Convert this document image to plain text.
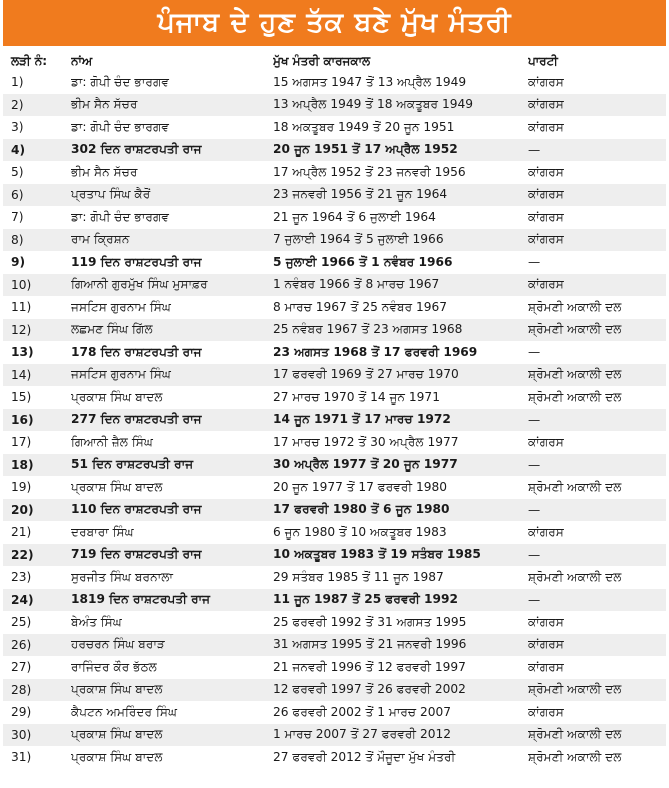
ਪੰਜਾਬ ਦੇ ਹੁਣ ਤੱਕ ਬਣੇ ਮੁੱਖ ਮੰਤਰੀ
ਲੜੀ ਨੰ:	ਨਾਂਅ	ਮੁੱਖ ਮੰਤਰੀ ਕਾਰਜਕਾਲ	ਪਾਰਟੀ
1)	ਡਾ: ਗੋਪੀ ਚੰਦ ਭਾਰਗਵ	15 ਅਗਸਤ 1947 ਤੋਂ 13 ਅਪ੍ਰੈਲ 1949	ਕਾਂਗਰਸ
2)	ਭੀਮ ਸੈਨ ਸੱਚਰ	13 ਅਪ੍ਰੈਲ 1949 ਤੋਂ 18 ਅਕਤੂਬਰ 1949	ਕਾਂਗਰਸ
3)	ਡਾ: ਗੋਪੀ ਚੰਦ ਭਾਰਗਵ	18 ਅਕਤੂਬਰ 1949 ਤੋਂ 20 ਜੂਨ 1951	ਕਾਂਗਰਸ
4)	302 ਦਿਨ ਰਾਸ਼ਟਰਪਤੀ ਰਾਜ	20 ਜੂਨ 1951 ਤੋਂ 17 ਅਪ੍ਰੈਲ 1952	—
5)	ਭੀਮ ਸੈਨ ਸੱਚਰ	17 ਅਪ੍ਰੈਲ 1952 ਤੋਂ 23 ਜਨਵਰੀ 1956	ਕਾਂਗਰਸ
6)	ਪ੍ਰਤਾਪ ਸਿੰਘ ਕੈਰੋਂ	23 ਜਨਵਰੀ 1956 ਤੋਂ 21 ਜੂਨ 1964	ਕਾਂਗਰਸ
7)	ਡਾ: ਗੋਪੀ ਚੰਦ ਭਾਰਗਵ	21 ਜੂਨ 1964 ਤੋਂ 6 ਜੁਲਾਈ 1964	ਕਾਂਗਰਸ
8)	ਰਾਮ ਕ੍ਰਿਸ਼ਨ	7 ਜੁਲਾਈ 1964 ਤੋਂ 5 ਜੁਲਾਈ 1966	ਕਾਂਗਰਸ
9)	119 ਦਿਨ ਰਾਸ਼ਟਰਪਤੀ ਰਾਜ	5 ਜੁਲਾਈ 1966 ਤੋਂ 1 ਨਵੰਬਰ 1966	—
10)	ਗਿਆਨੀ ਗੁਰਮੁੱਖ ਸਿੰਘ ਮੁਸਾਫ਼ਰ	1 ਨਵੰਬਰ 1966 ਤੋਂ 8 ਮਾਰਚ 1967	ਕਾਂਗਰਸ
11)	ਜਸਟਿਸ ਗੁਰਨਾਮ ਸਿੰਘ	8 ਮਾਰਚ 1967 ਤੋਂ 25 ਨਵੰਬਰ 1967	ਸ਼੍ਰੋਮਣੀ ਅਕਾਲੀ ਦਲ
12)	ਲਛਮਣ ਸਿੰਘ ਗਿੱਲ	25 ਨਵੰਬਰ 1967 ਤੋਂ 23 ਅਗਸਤ 1968	ਸ਼੍ਰੋਮਣੀ ਅਕਾਲੀ ਦਲ
13)	178 ਦਿਨ ਰਾਸ਼ਟਰਪਤੀ ਰਾਜ	23 ਅਗਸਤ 1968 ਤੋਂ 17 ਫਰਵਰੀ 1969	—
14)	ਜਸਟਿਸ ਗੁਰਨਾਮ ਸਿੰਘ	17 ਫਰਵਰੀ 1969 ਤੋਂ 27 ਮਾਰਚ 1970	ਸ਼੍ਰੋਮਣੀ ਅਕਾਲੀ ਦਲ
15)	ਪ੍ਰਕਾਸ਼ ਸਿੰਘ ਬਾਦਲ	27 ਮਾਰਚ 1970 ਤੋਂ 14 ਜੂਨ 1971	ਸ਼੍ਰੋਮਣੀ ਅਕਾਲੀ ਦਲ
16)	277 ਦਿਨ ਰਾਸ਼ਟਰਪਤੀ ਰਾਜ	14 ਜੂਨ 1971 ਤੋਂ 17 ਮਾਰਚ 1972	—
17)	ਗਿਆਨੀ ਜ਼ੈਲ ਸਿੰਘ	17 ਮਾਰਚ 1972 ਤੋਂ 30 ਅਪ੍ਰੈਲ 1977	ਕਾਂਗਰਸ
18)	51 ਦਿਨ ਰਾਸ਼ਟਰਪਤੀ ਰਾਜ	30 ਅਪ੍ਰੈਲ 1977 ਤੋਂ 20 ਜੂਨ 1977	—
19)	ਪ੍ਰਕਾਸ਼ ਸਿੰਘ ਬਾਦਲ	20 ਜੂਨ 1977 ਤੋਂ 17 ਫਰਵਰੀ 1980	ਸ਼੍ਰੋਮਣੀ ਅਕਾਲੀ ਦਲ
20)	110 ਦਿਨ ਰਾਸ਼ਟਰਪਤੀ ਰਾਜ	17 ਫਰਵਰੀ 1980 ਤੋਂ 6 ਜੂਨ 1980	—
21)	ਦਰਬਾਰਾ ਸਿੰਘ	6 ਜੂਨ 1980 ਤੋਂ 10 ਅਕਤੂਬਰ 1983	ਕਾਂਗਰਸ
22)	719 ਦਿਨ ਰਾਸ਼ਟਰਪਤੀ ਰਾਜ	10 ਅਕਤੂਬਰ 1983 ਤੋਂ 19 ਸਤੰਬਰ 1985	—
23)	ਸੁਰਜੀਤ ਸਿੰਘ ਬਰਨਾਲਾ	29 ਸਤੰਬਰ 1985 ਤੋਂ 11 ਜੂਨ 1987	ਸ਼੍ਰੋਮਣੀ ਅਕਾਲੀ ਦਲ
24)	1819 ਦਿਨ ਰਾਸ਼ਟਰਪਤੀ ਰਾਜ	11 ਜੂਨ 1987 ਤੋਂ 25 ਫਰਵਰੀ 1992	—
25)	ਬੇਅੰਤ ਸਿੰਘ	25 ਫਰਵਰੀ 1992 ਤੋਂ 31 ਅਗਸਤ 1995	ਕਾਂਗਰਸ
26)	ਹਰਚਰਨ ਸਿੰਘ ਬਰਾੜ	31 ਅਗਸਤ 1995 ਤੋਂ 21 ਜਨਵਰੀ 1996	ਕਾਂਗਰਸ
27)	ਰਾਜਿੰਦਰ ਕੌਰ ਭੱਠਲ	21 ਜਨਵਰੀ 1996 ਤੋਂ 12 ਫਰਵਰੀ 1997	ਕਾਂਗਰਸ
28)	ਪ੍ਰਕਾਸ਼ ਸਿੰਘ ਬਾਦਲ	12 ਫਰਵਰੀ 1997 ਤੋਂ 26 ਫਰਵਰੀ 2002	ਸ਼੍ਰੋਮਣੀ ਅਕਾਲੀ ਦਲ
29)	ਕੈਪਟਨ ਅਮਰਿੰਦਰ ਸਿੰਘ	26 ਫਰਵਰੀ 2002 ਤੋਂ 1 ਮਾਰਚ 2007	ਕਾਂਗਰਸ
30)	ਪ੍ਰਕਾਸ਼ ਸਿੰਘ ਬਾਦਲ	1 ਮਾਰਚ 2007 ਤੋਂ 27 ਫਰਵਰੀ 2012	ਸ਼੍ਰੋਮਣੀ ਅਕਾਲੀ ਦਲ
31)	ਪ੍ਰਕਾਸ਼ ਸਿੰਘ ਬਾਦਲ	27 ਫਰਵਰੀ 2012 ਤੋਂ ਮੌਜੂਦਾ ਮੁੱਖ ਮੰਤਰੀ	ਸ਼੍ਰੋਮਣੀ ਅਕਾਲੀ ਦਲ
